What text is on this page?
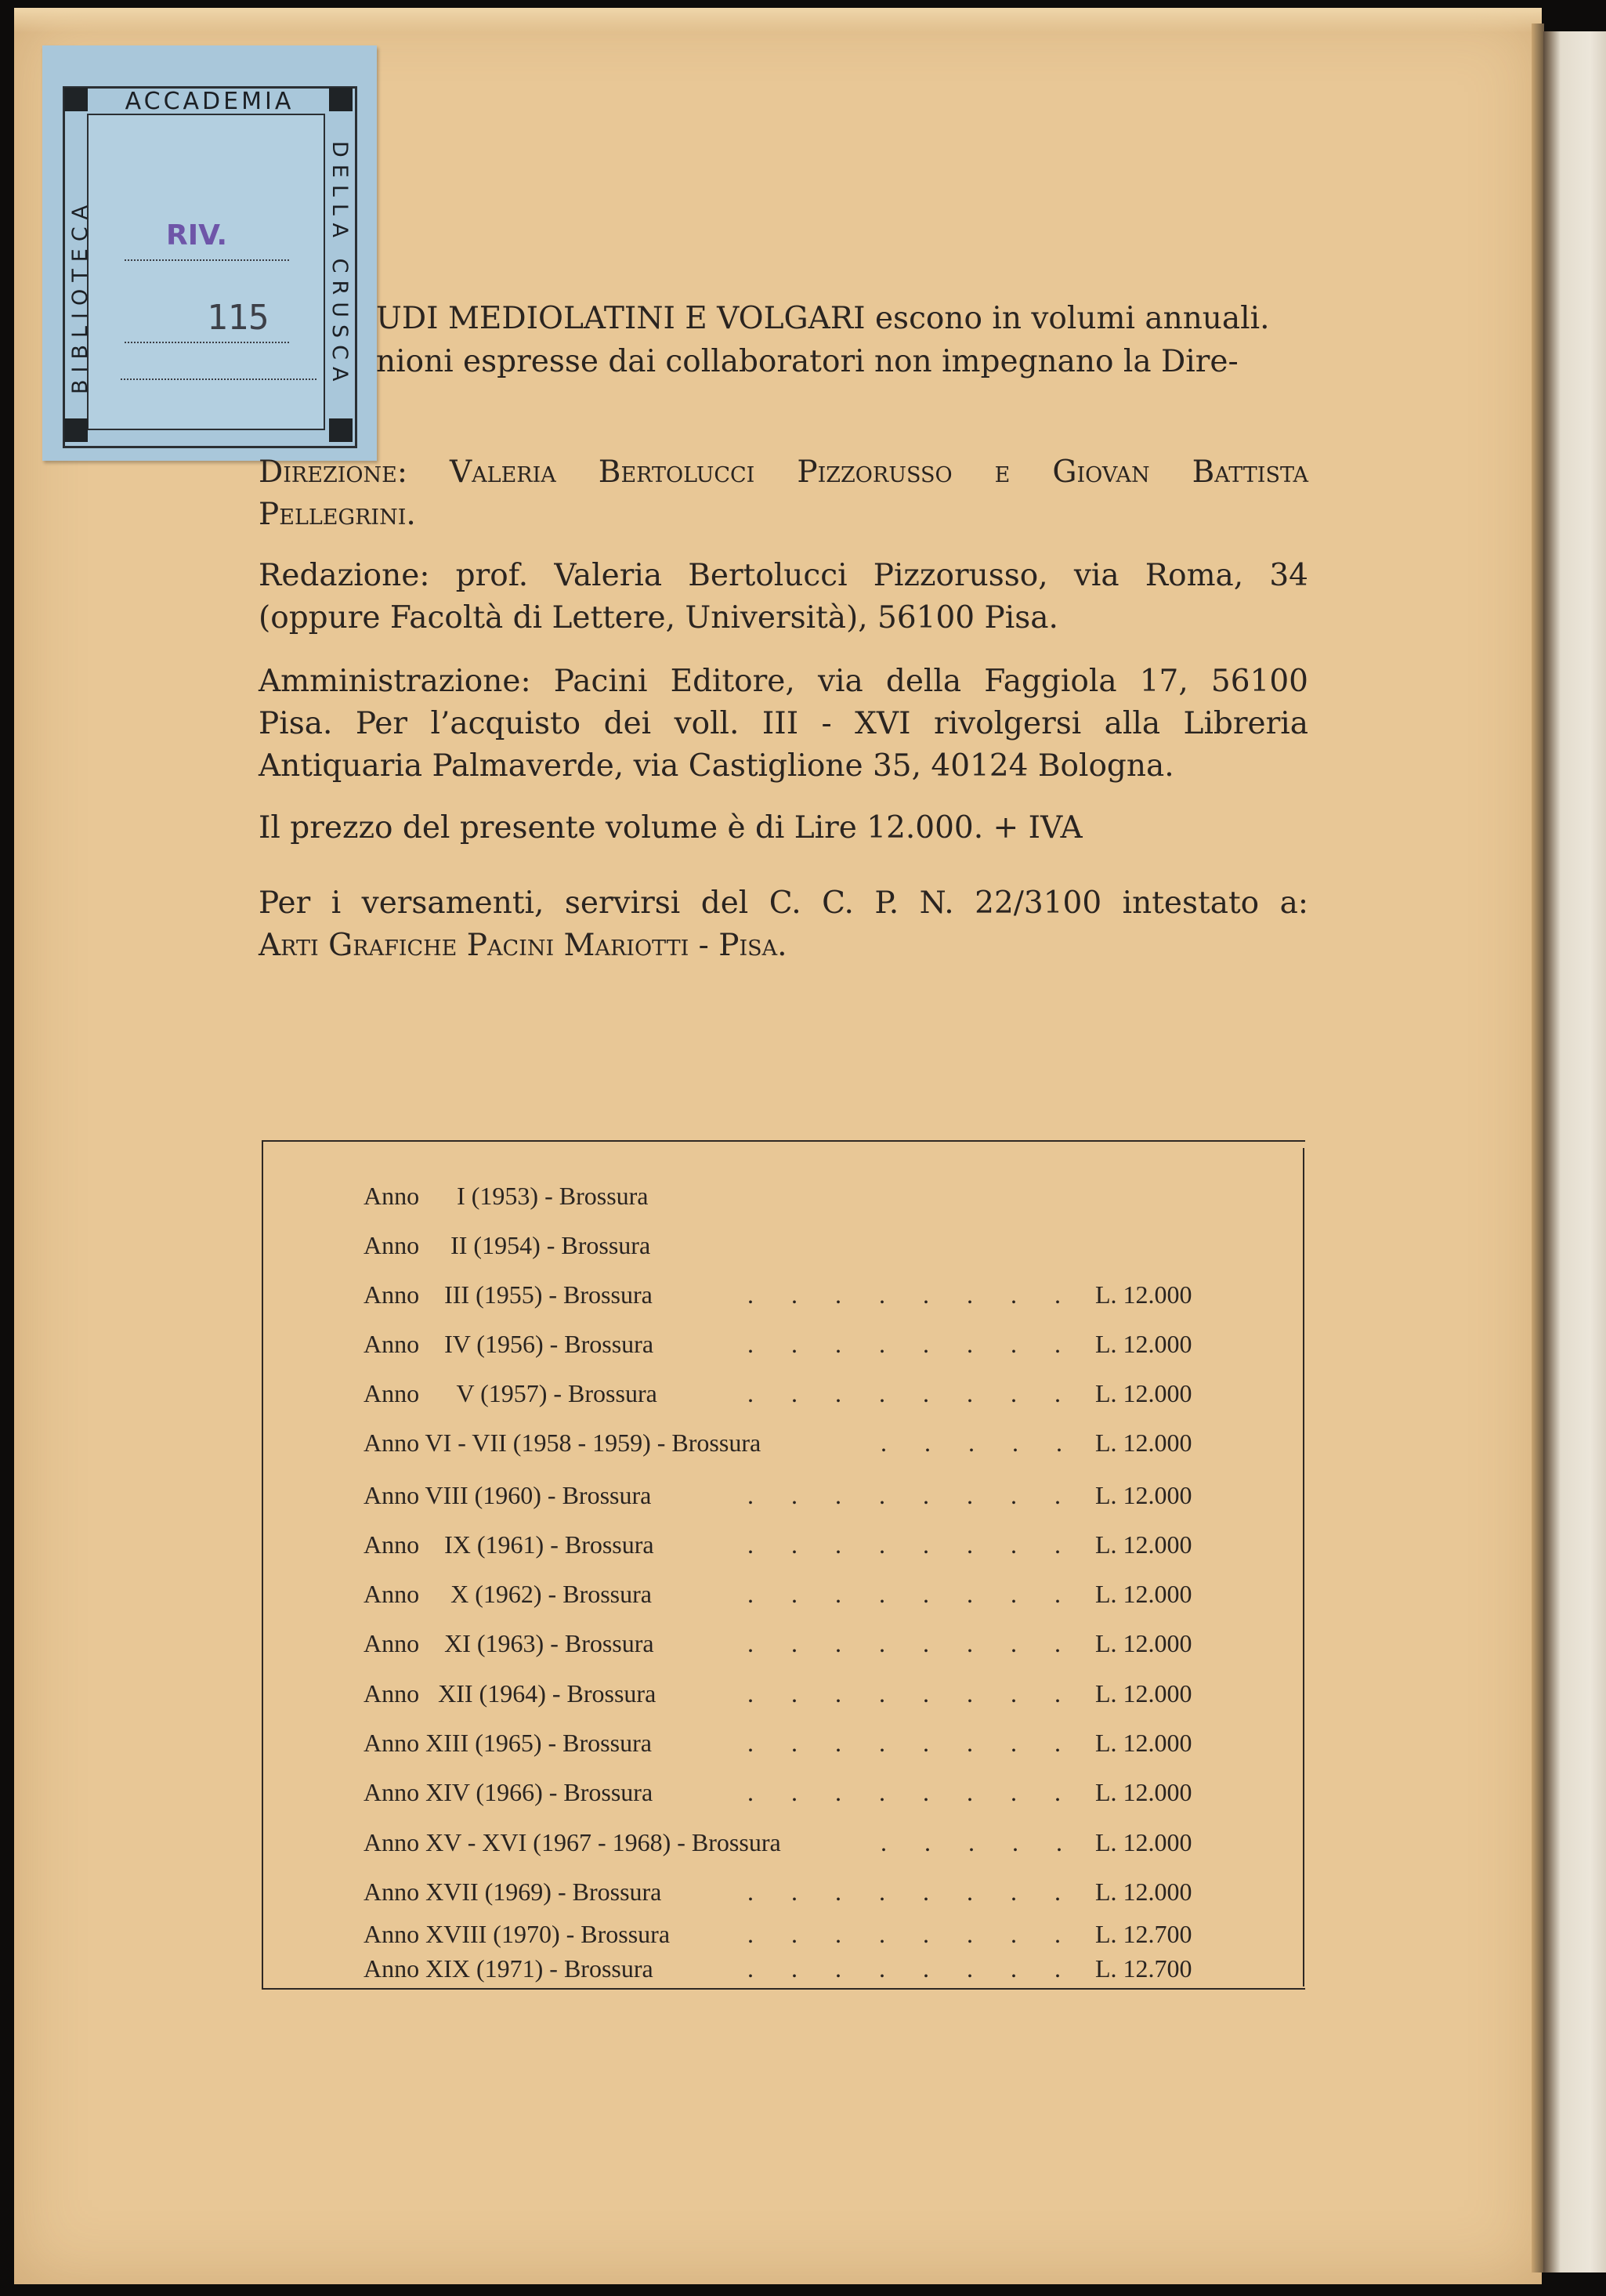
ACCADEMIA
BIBLIOTECA	DELLA CRUSCA
RIV.
115	UDI MEDIOLATINI E VOLGARI escono in volumi annuali.
nioni espresse dai collaboratori non impegnano la Dire-
Direzione: Valeria Bertolucci Pizzorusso e Giovan Battista
Pellegrini.
Redazione: prof. Valeria Bertolucci Pizzorusso, via Roma, 34
(oppure Facoltà di Lettere, Università), 56100 Pisa.
Amministrazione: Pacini Editore, via della Faggiola 17, 56100
Pisa. Per l’acquisto dei voll. III - XVI rivolgersi alla Libreria
Antiquaria Palmaverde, via Castiglione 35, 40124 Bologna.
Il prezzo del presente volume è di Lire 12.000. + IVA
Per i versamenti, servirsi del C. C. P. N. 22/3100 intestato a:
Arti Grafiche Pacini Mariotti - Pisa.
Anno      I (1953) - Brossura
Anno     II (1954) - Brossura
Anno    III (1955) - Brossura	. . . . . . . . L. 12.000
Anno    IV (1956) - Brossura	. . . . . . . . L. 12.000
Anno      V (1957) - Brossura	. . . . . . . . L. 12.000
Anno VI - VII (1958 - 1959) - Brossura	. . . . . L. 12.000
Anno VIII (1960) - Brossura	. . . . . . . . L. 12.000
Anno    IX (1961) - Brossura	. . . . . . . . L. 12.000
Anno     X (1962) - Brossura	. . . . . . . . L. 12.000
Anno    XI (1963) - Brossura	. . . . . . . . L. 12.000
Anno   XII (1964) - Brossura	. . . . . . . . L. 12.000
Anno XIII (1965) - Brossura	. . . . . . . . L. 12.000
Anno XIV (1966) - Brossura	. . . . . . . . L. 12.000
Anno XV - XVI (1967 - 1968) - Brossura	. . . . . L. 12.000
Anno XVII (1969) - Brossura	. . . . . . . . L. 12.000
Anno XVIII (1970) - Brossura	. . . . . . . . L. 12.700
Anno XIX (1971) - Brossura	. . . . . . . . L. 12.700
